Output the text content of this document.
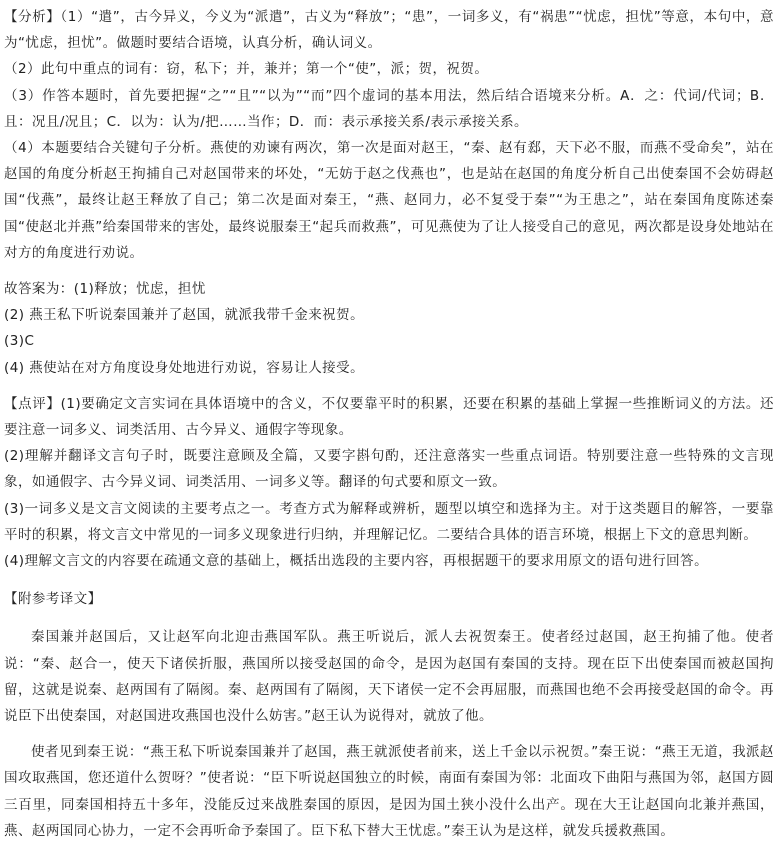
【分析】（1）“遣”，古今异义，今义为“派遣”，古义为“释放”；“患”，一词多义，有“祸患”“忧虑，担忧”等意，本句中，意为“忧虑，担忧”。做题时要结合语境，认真分析，确认词义。

（2）此句中重点的词有：窃，私下；并，兼并；第一个“使”，派；贺，祝贺。

（3）作答本题时，首先要把握“之”“且”“以为”“而”四个虚词的基本用法，然后结合语境来分析。A．之：代词/代词；B．且：况且/况且；C．以为：认为/把……当作；D．而：表示承接关系/表示承接关系。

（4）本题要结合关键句子分析。燕使的劝谏有两次，第一次是面对赵王，“秦、赵有郄，天下必不服，而燕不受命矣”，站在赵国的角度分析赵王拘捕自己对赵国带来的坏处，“无妨于赵之伐燕也”，也是站在赵国的角度分析自己出使秦国不会妨碍赵国“伐燕”，最终让赵王释放了自己；第二次是面对秦王，“燕、赵同力，必不复受于秦”“为王患之”，站在秦国角度陈述秦国“使赵北并燕”给秦国带来的害处，最终说服秦王“起兵而救燕”，可见燕使为了让人接受自己的意见，两次都是设身处地站在对方的角度进行劝说。

故答案为：(1)释放；忧虑，担忧

(2) 燕王私下听说秦国兼并了赵国，就派我带千金来祝贺。

(3)C

(4) 燕使站在对方角度设身处地进行劝说，容易让人接受。

【点评】(1)要确定文言实词在具体语境中的含义，不仅要靠平时的积累，还要在积累的基础上掌握一些推断词义的方法。还要注意一词多义、词类活用、古今异义、通假字等现象。

(2)理解并翻译文言句子时，既要注意顾及全篇，又要字斟句酌，还注意落实一些重点词语。特别要注意一些特殊的文言现象，如通假字、古今异义词、词类活用、一词多义等。翻译的句式要和原文一致。

(3)一词多义是文言文阅读的主要考点之一。考查方式为解释或辨析，题型以填空和选择为主。对于这类题目的解答，一要靠平时的积累，将文言文中常见的一词多义现象进行归纳，并理解记忆。二要结合具体的语言环境，根据上下文的意思判断。

(4)理解文言文的内容要在疏通文意的基础上，概括出选段的主要内容，再根据题干的要求用原文的语句进行回答。

【附参考译文】

秦国兼并赵国后，又让赵军向北迎击燕国军队。燕王听说后，派人去祝贺秦王。使者经过赵国，赵王拘捕了他。使者说：“秦、赵合一，使天下诸侯折服，燕国所以接受赵国的命令，是因为赵国有秦国的支持。现在臣下出使秦国而被赵国拘留，这就是说秦、赵两国有了隔阂。秦、赵两国有了隔阂，天下诸侯一定不会再屈服，而燕国也绝不会再接受赵国的命令。再说臣下出使秦国，对赵国进攻燕国也没什么妨害。”赵王认为说得对，就放了他。

使者见到秦王说：“燕王私下听说秦国兼并了赵国，燕王就派使者前来，送上千金以示祝贺。”秦王说：“燕王无道，我派赵国攻取燕国，您还道什么贺呀？”使者说：“臣下听说赵国独立的时候，南面有秦国为邻：北面攻下曲阳与燕国为邻，赵国方圆三百里，同秦国相持五十多年，没能反过来战胜秦国的原因，是因为国土狭小没什么出产。现在大王让赵国向北兼并燕国，燕、赵两国同心协力，一定不会再听命予秦国了。臣下私下替大王忧虑。”秦王认为是这样，就发兵援救燕国。
